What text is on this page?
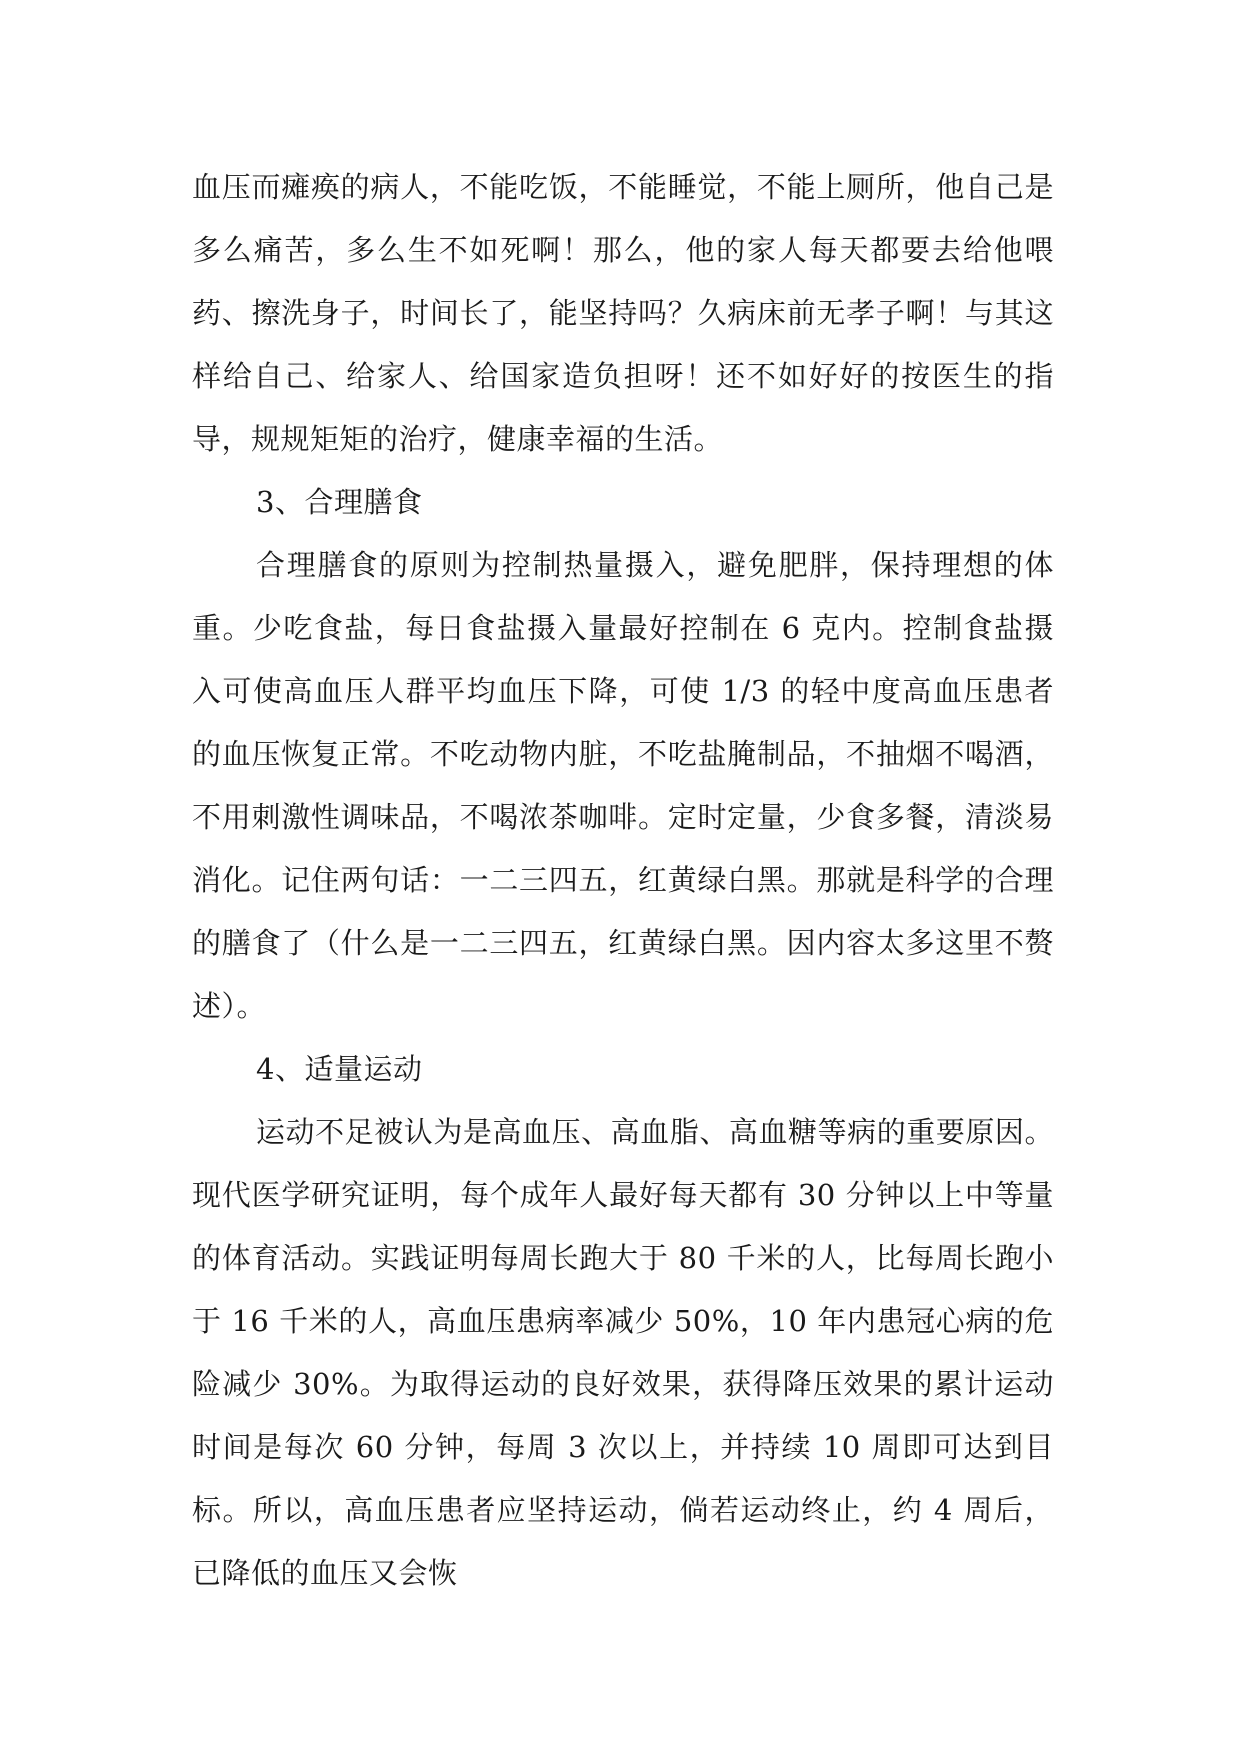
血压而瘫痪的病人，不能吃饭，不能睡觉，不能上厕所，他自己是多么痛苦，多么生不如死啊！那么，他的家人每天都要去给他喂药、擦洗身子，时间长了，能坚持吗？久病床前无孝子啊！与其这样给自己、给家人、给国家造负担呀！还不如好好的按医生的指导，规规矩矩的治疗，健康幸福的生活。

3、合理膳食

合理膳食的原则为控制热量摄入，避免肥胖，保持理想的体重。少吃食盐，每日食盐摄入量最好控制在 6 克内。控制食盐摄入可使高血压人群平均血压下降，可使 1/3 的轻中度高血压患者的血压恢复正常。不吃动物内脏，不吃盐腌制品，不抽烟不喝酒，不用刺激性调味品，不喝浓茶咖啡。定时定量，少食多餐，清淡易消化。记住两句话：一二三四五，红黄绿白黑。那就是科学的合理的膳食了（什么是一二三四五，红黄绿白黑。因内容太多这里不赘述）。

4、适量运动

运动不足被认为是高血压、高血脂、高血糖等病的重要原因。现代医学研究证明，每个成年人最好每天都有 30 分钟以上中等量的体育活动。实践证明每周长跑大于 80 千米的人，比每周长跑小于 16 千米的人，高血压患病率减少 50%，10 年内患冠心病的危险减少 30%。为取得运动的良好效果，获得降压效果的累计运动时间是每次 60 分钟，每周 3 次以上，并持续 10 周即可达到目标。所以，高血压患者应坚持运动，倘若运动终止，约 4 周后，已降低的血压又会恢
